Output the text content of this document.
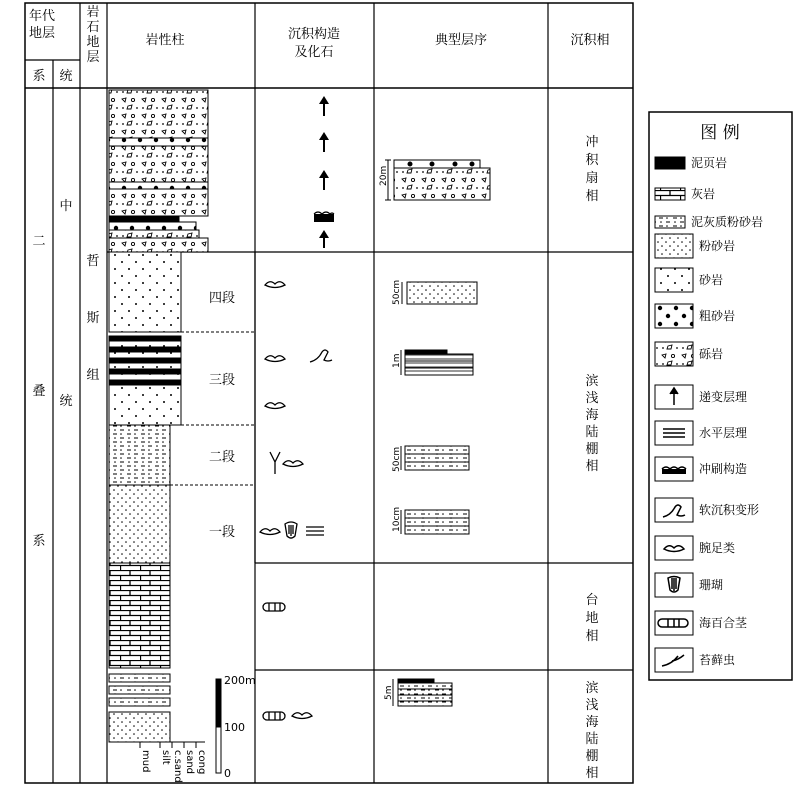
年代
地层
系 统
岩石地层
岩性柱	沉积构造
及化石
典型层序	沉积相
二叠系
中统
哲斯组
四段
三段
二段
一段
冲积扇相
滨浅海陆棚相
台地相
滨浅海陆棚相
mud silt c.sand sand cong
200m
100
0
20m
50cm
1m
50cm
10cm
5m
图 例
泥页岩
灰岩
泥灰质粉砂岩
粉砂岩
砂岩
粗砂岩
砾岩
递变层理
水平层理
冲刷构造
软沉积变形
腕足类
珊瑚
海百合茎
苔藓虫
